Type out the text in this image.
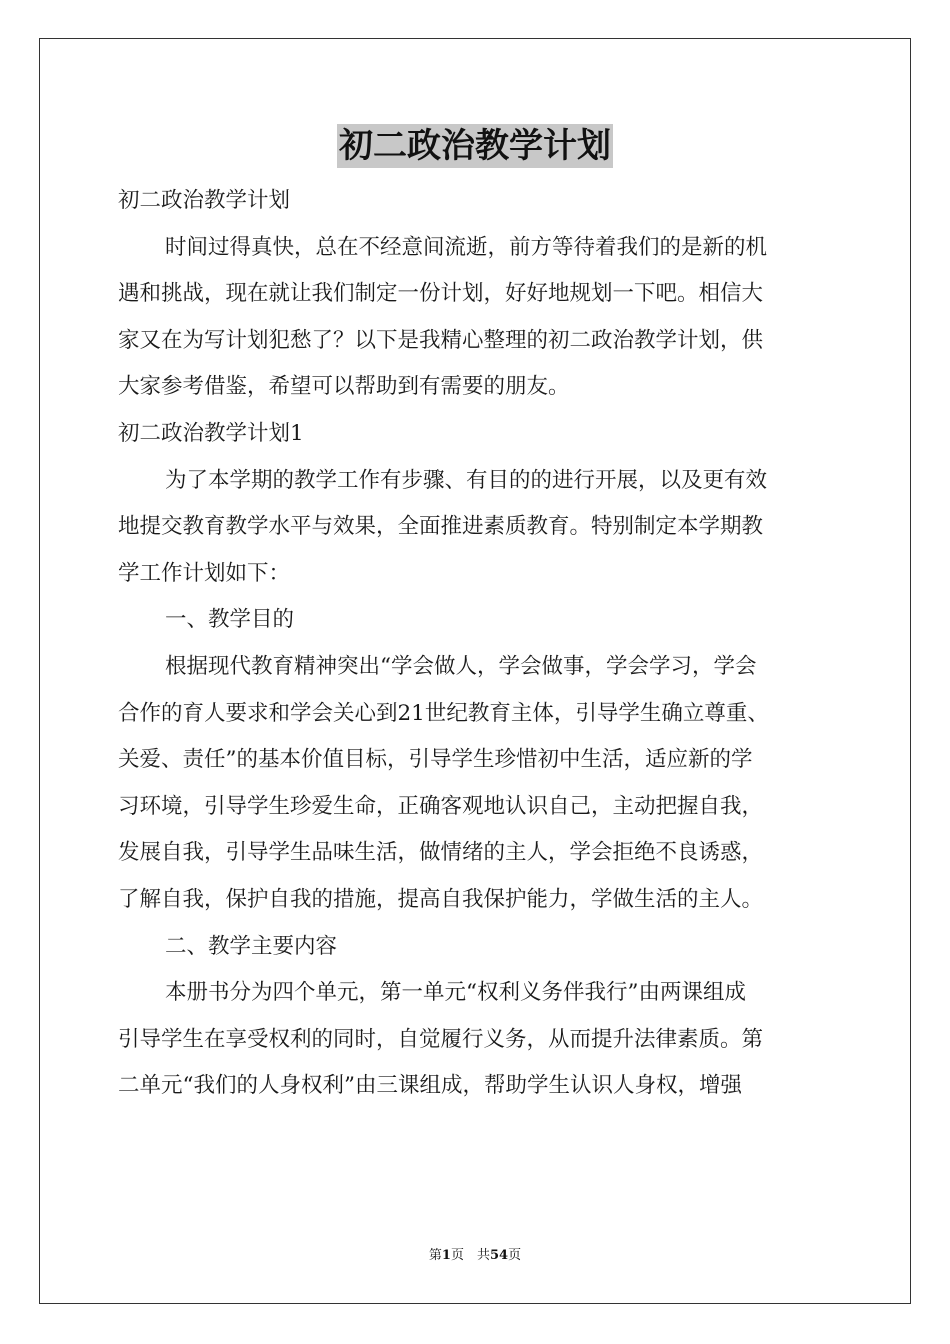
初二政治教学计划
初二政治教学计划
时间过得真快，总在不经意间流逝，前方等待着我们的是新的机
遇和挑战，现在就让我们制定一份计划，好好地规划一下吧。相信大
家又在为写计划犯愁了？以下是我精心整理的初二政治教学计划，供
大家参考借鉴，希望可以帮助到有需要的朋友。
初二政治教学计划1
为了本学期的教学工作有步骤、有目的的进行开展，以及更有效
地提交教育教学水平与效果，全面推进素质教育。特别制定本学期教
学工作计划如下：
一、教学目的
根据现代教育精神突出“学会做人，学会做事，学会学习，学会
合作的育人要求和学会关心到21世纪教育主体，引导学生确立尊重、
关爱、责任”的基本价值目标，引导学生珍惜初中生活，适应新的学
习环境，引导学生珍爱生命，正确客观地认识自己，主动把握自我，
发展自我，引导学生品味生活，做情绪的主人，学会拒绝不良诱惑，
了解自我，保护自我的措施，提高自我保护能力，学做生活的主人。
二、教学主要内容
本册书分为四个单元，第一单元“权利义务伴我行”由两课组成
引导学生在享受权利的同时，自觉履行义务，从而提升法律素质。第
二单元“我们的人身权利”由三课组成，帮助学生认识人身权，增强
第1页　共54页
